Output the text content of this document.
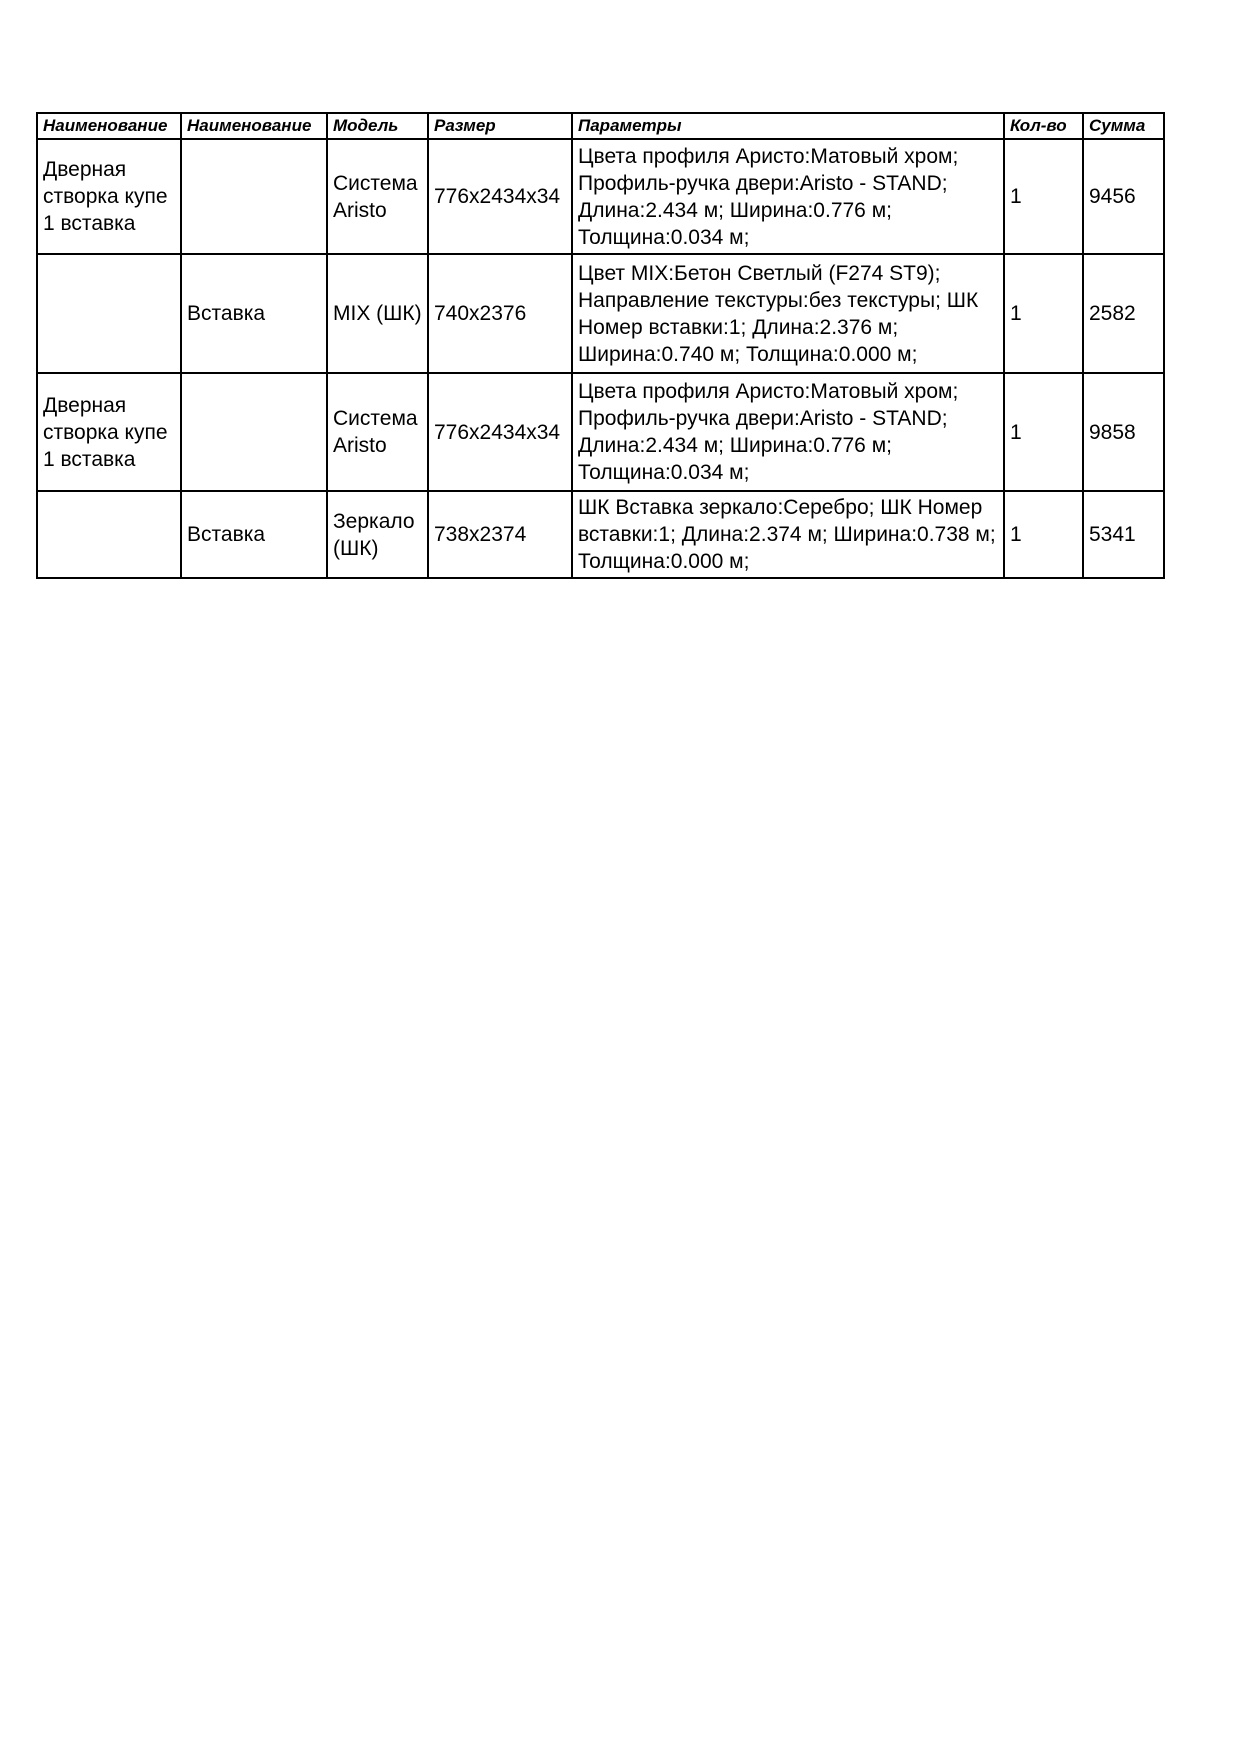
Наименование	Наименование	Модель	Размер	Параметры	Кол-во	Сумма
Дверная створка купе 1 вставка		Система Aristo	776x2434x34	Цвета профиля Аристо:Матовый хром; Профиль-ручка двери:Aristo - STAND; Длина:2.434 м; Ширина:0.776 м; Толщина:0.034 м;	1	9456
	Вставка	MIX (ШК)	740x2376	Цвет MIX:Бетон Светлый (F274 ST9); Направление текстуры:без текстуры; ШК Номер вставки:1; Длина:2.376 м; Ширина:0.740 м; Толщина:0.000 м;	1	2582
Дверная створка купе 1 вставка		Система Aristo	776x2434x34	Цвета профиля Аристо:Матовый хром; Профиль-ручка двери:Aristo - STAND; Длина:2.434 м; Ширина:0.776 м; Толщина:0.034 м;	1	9858
	Вставка	Зеркало (ШК)	738x2374	ШК Вставка зеркало:Серебро; ШК Номер вставки:1; Длина:2.374 м; Ширина:0.738 м; Толщина:0.000 м;	1	5341
